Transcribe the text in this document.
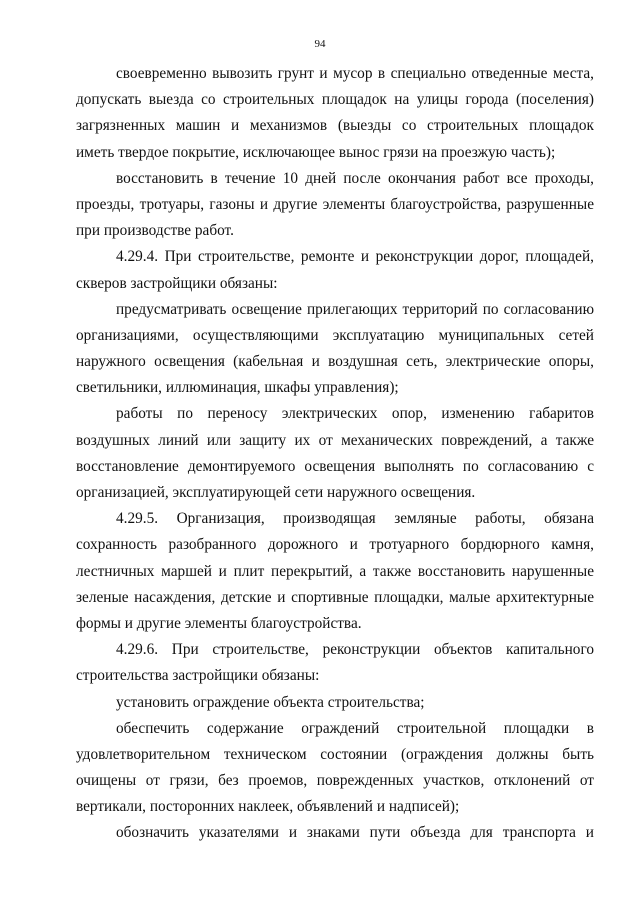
94
своевременно вывозить грунт и мусор в специально отведенные места,
допускать выезда со строительных площадок на улицы города (поселения)
загрязненных машин и механизмов (выезды со строительных площадок
иметь твердое покрытие, исключающее вынос грязи на проезжую часть);
восстановить в течение 10 дней после окончания работ все проходы,
проезды, тротуары, газоны и другие элементы благоустройства, разрушенные
при производстве работ.
4.29.4. При строительстве, ремонте и реконструкции дорог, площадей,
скверов застройщики обязаны:
предусматривать освещение прилегающих территорий по согласованию
организациями, осуществляющими эксплуатацию муниципальных сетей
наружного освещения (кабельная и воздушная сеть, электрические опоры,
светильники, иллюминация, шкафы управления);
работы по переносу электрических опор, изменению габаритов
воздушных линий или защиту их от механических повреждений, а также
восстановление демонтируемого освещения выполнять по согласованию с
организацией, эксплуатирующей сети наружного освещения.
4.29.5. Организация, производящая земляные работы, обязана
сохранность разобранного дорожного и тротуарного бордюрного камня,
лестничных маршей и плит перекрытий, а также восстановить нарушенные
зеленые насаждения, детские и спортивные площадки, малые архитектурные
формы и другие элементы благоустройства.
4.29.6. При строительстве, реконструкции объектов капитального
строительства застройщики обязаны:
установить ограждение объекта строительства;
обеспечить содержание ограждений строительной площадки в
удовлетворительном техническом состоянии (ограждения должны быть
очищены от грязи, без проемов, поврежденных участков, отклонений от
вертикали, посторонних наклеек, объявлений и надписей);
обозначить указателями и знаками пути объезда для транспорта и
